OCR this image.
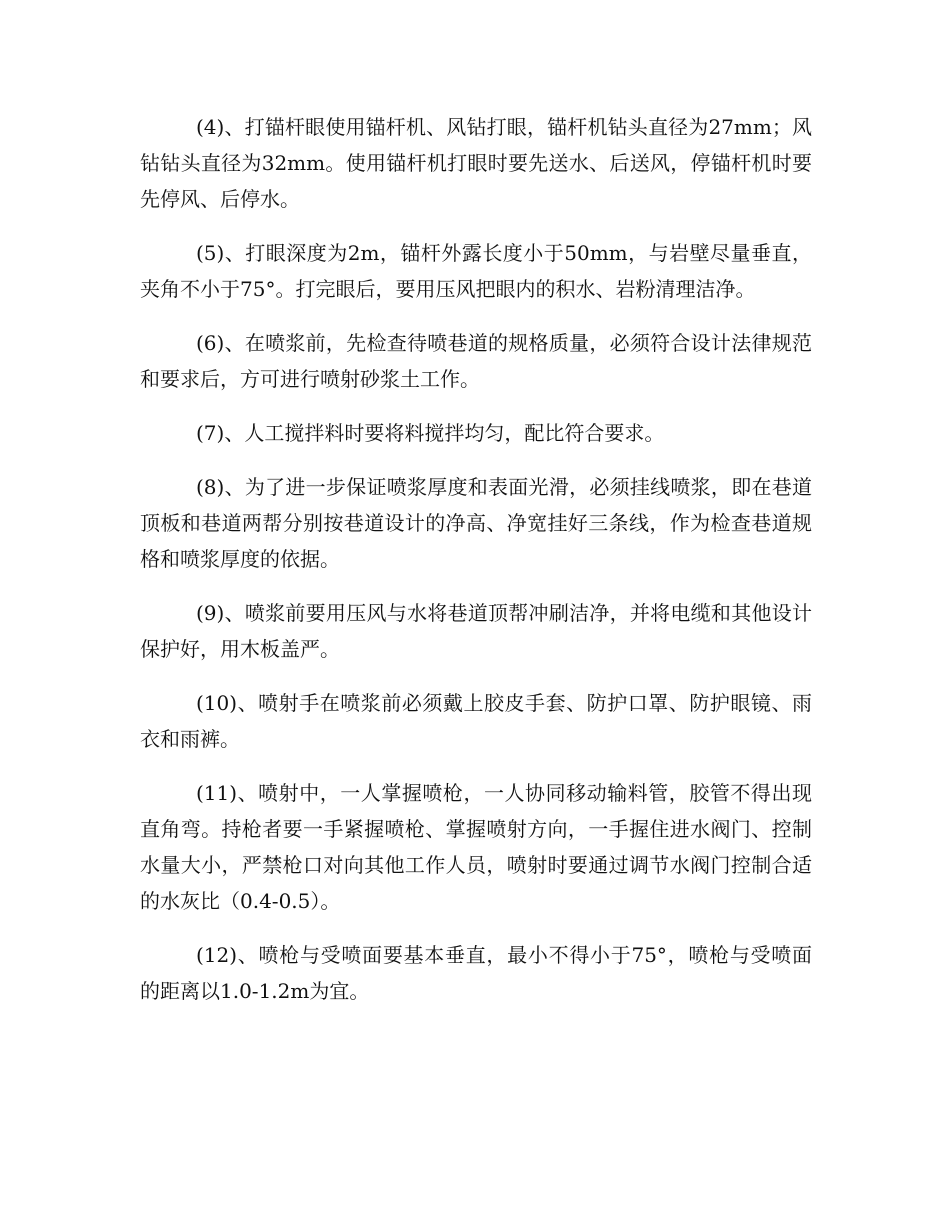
(4)、打锚杆眼使用锚杆机、风钻打眼，锚杆机钻头直径为27mm；风钻钻头直径为32mm。使用锚杆机打眼时要先送水、后送风，停锚杆机时要先停风、后停水。

(5)、打眼深度为2m，锚杆外露长度小于50mm，与岩壁尽量垂直，夹角不小于75°。打完眼后，要用压风把眼内的积水、岩粉清理洁净。

(6)、在喷浆前，先检查待喷巷道的规格质量，必须符合设计法律规范和要求后，方可进行喷射砂浆土工作。

(7)、人工搅拌料时要将料搅拌均匀，配比符合要求。

(8)、为了进一步保证喷浆厚度和表面光滑，必须挂线喷浆，即在巷道顶板和巷道两帮分别按巷道设计的净高、净宽挂好三条线，作为检查巷道规格和喷浆厚度的依据。

(9)、喷浆前要用压风与水将巷道顶帮冲刷洁净，并将电缆和其他设计保护好，用木板盖严。

(10)、喷射手在喷浆前必须戴上胶皮手套、防护口罩、防护眼镜、雨衣和雨裤。

(11)、喷射中，一人掌握喷枪，一人协同移动输料管，胶管不得出现直角弯。持枪者要一手紧握喷枪、掌握喷射方向，一手握住进水阀门、控制水量大小，严禁枪口对向其他工作人员，喷射时要通过调节水阀门控制合适的水灰比（0.4-0.5）。

(12)、喷枪与受喷面要基本垂直，最小不得小于75°，喷枪与受喷面的距离以1.0-1.2m为宜。
